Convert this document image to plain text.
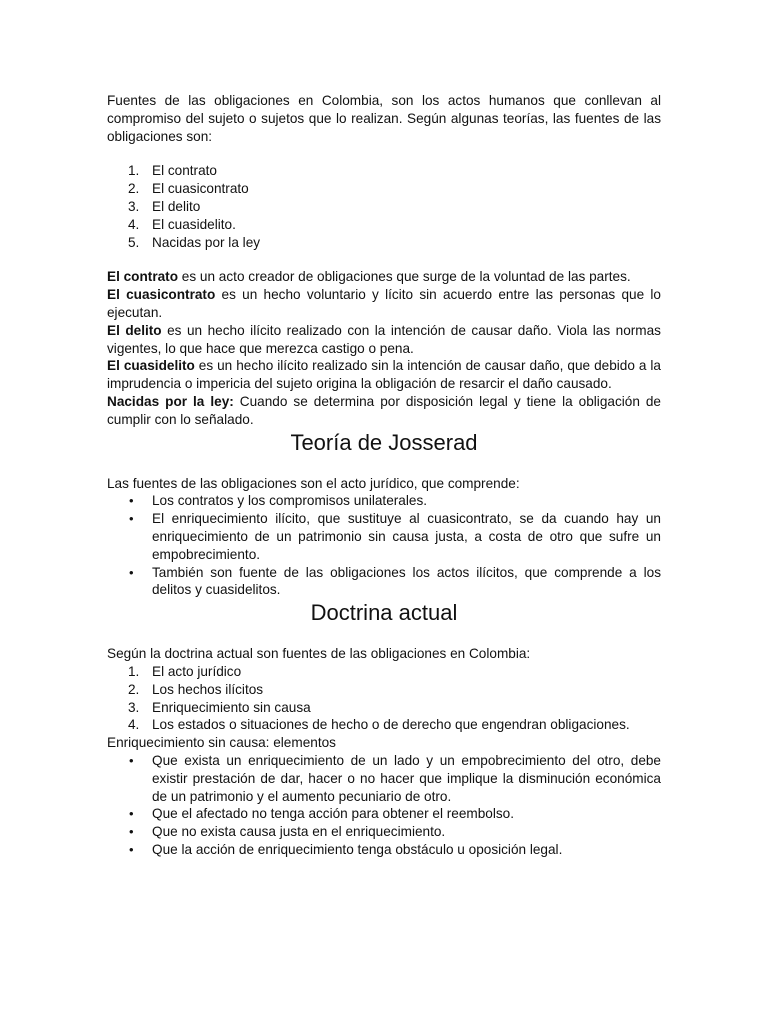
Fuentes de las obligaciones en Colombia, son los actos humanos que conllevan al compromiso del sujeto o sujetos que lo realizan. Según algunas teorías, las fuentes de las obligaciones son:

1. El contrato
2. El cuasicontrato
3. El delito
4. El cuasidelito.
5. Nacidas por la ley

El contrato es un acto creador de obligaciones que surge de la voluntad de las partes.

El cuasicontrato es un hecho voluntario y lícito sin acuerdo entre las personas que lo ejecutan.

El delito es un hecho ilícito realizado con la intención de causar daño. Viola las normas vigentes, lo que hace que merezca castigo o pena.

El cuasidelito es un hecho ilícito realizado sin la intención de causar daño, que debido a la imprudencia o impericia del sujeto origina la obligación de resarcir el daño causado.

Nacidas por la ley: Cuando se determina por disposición legal y tiene la obligación de cumplir con lo señalado.

Teoría de Josserad

Las fuentes de las obligaciones son el acto jurídico, que comprende:

•	Los contratos y los compromisos unilaterales.
•	El enriquecimiento ilícito, que sustituye al cuasicontrato, se da cuando hay un enriquecimiento de un patrimonio sin causa justa, a costa de otro que sufre un empobrecimiento.
•	También son fuente de las obligaciones los actos ilícitos, que comprende a los delitos y cuasidelitos.
Doctrina actual

Según la doctrina actual son fuentes de las obligaciones en Colombia:

1. El acto jurídico
2. Los hechos ilícitos
3. Enriquecimiento sin causa
4. Los estados o situaciones de hecho o de derecho que engendran obligaciones.

Enriquecimiento sin causa: elementos

•	Que exista un enriquecimiento de un lado y un empobrecimiento del otro, debe existir prestación de dar, hacer o no hacer que implique la disminución económica de un patrimonio y el aumento pecuniario de otro.
•	Que el afectado no tenga acción para obtener el reembolso.
•	Que no exista causa justa en el enriquecimiento.
•	Que la acción de enriquecimiento tenga obstáculo u oposición legal.
